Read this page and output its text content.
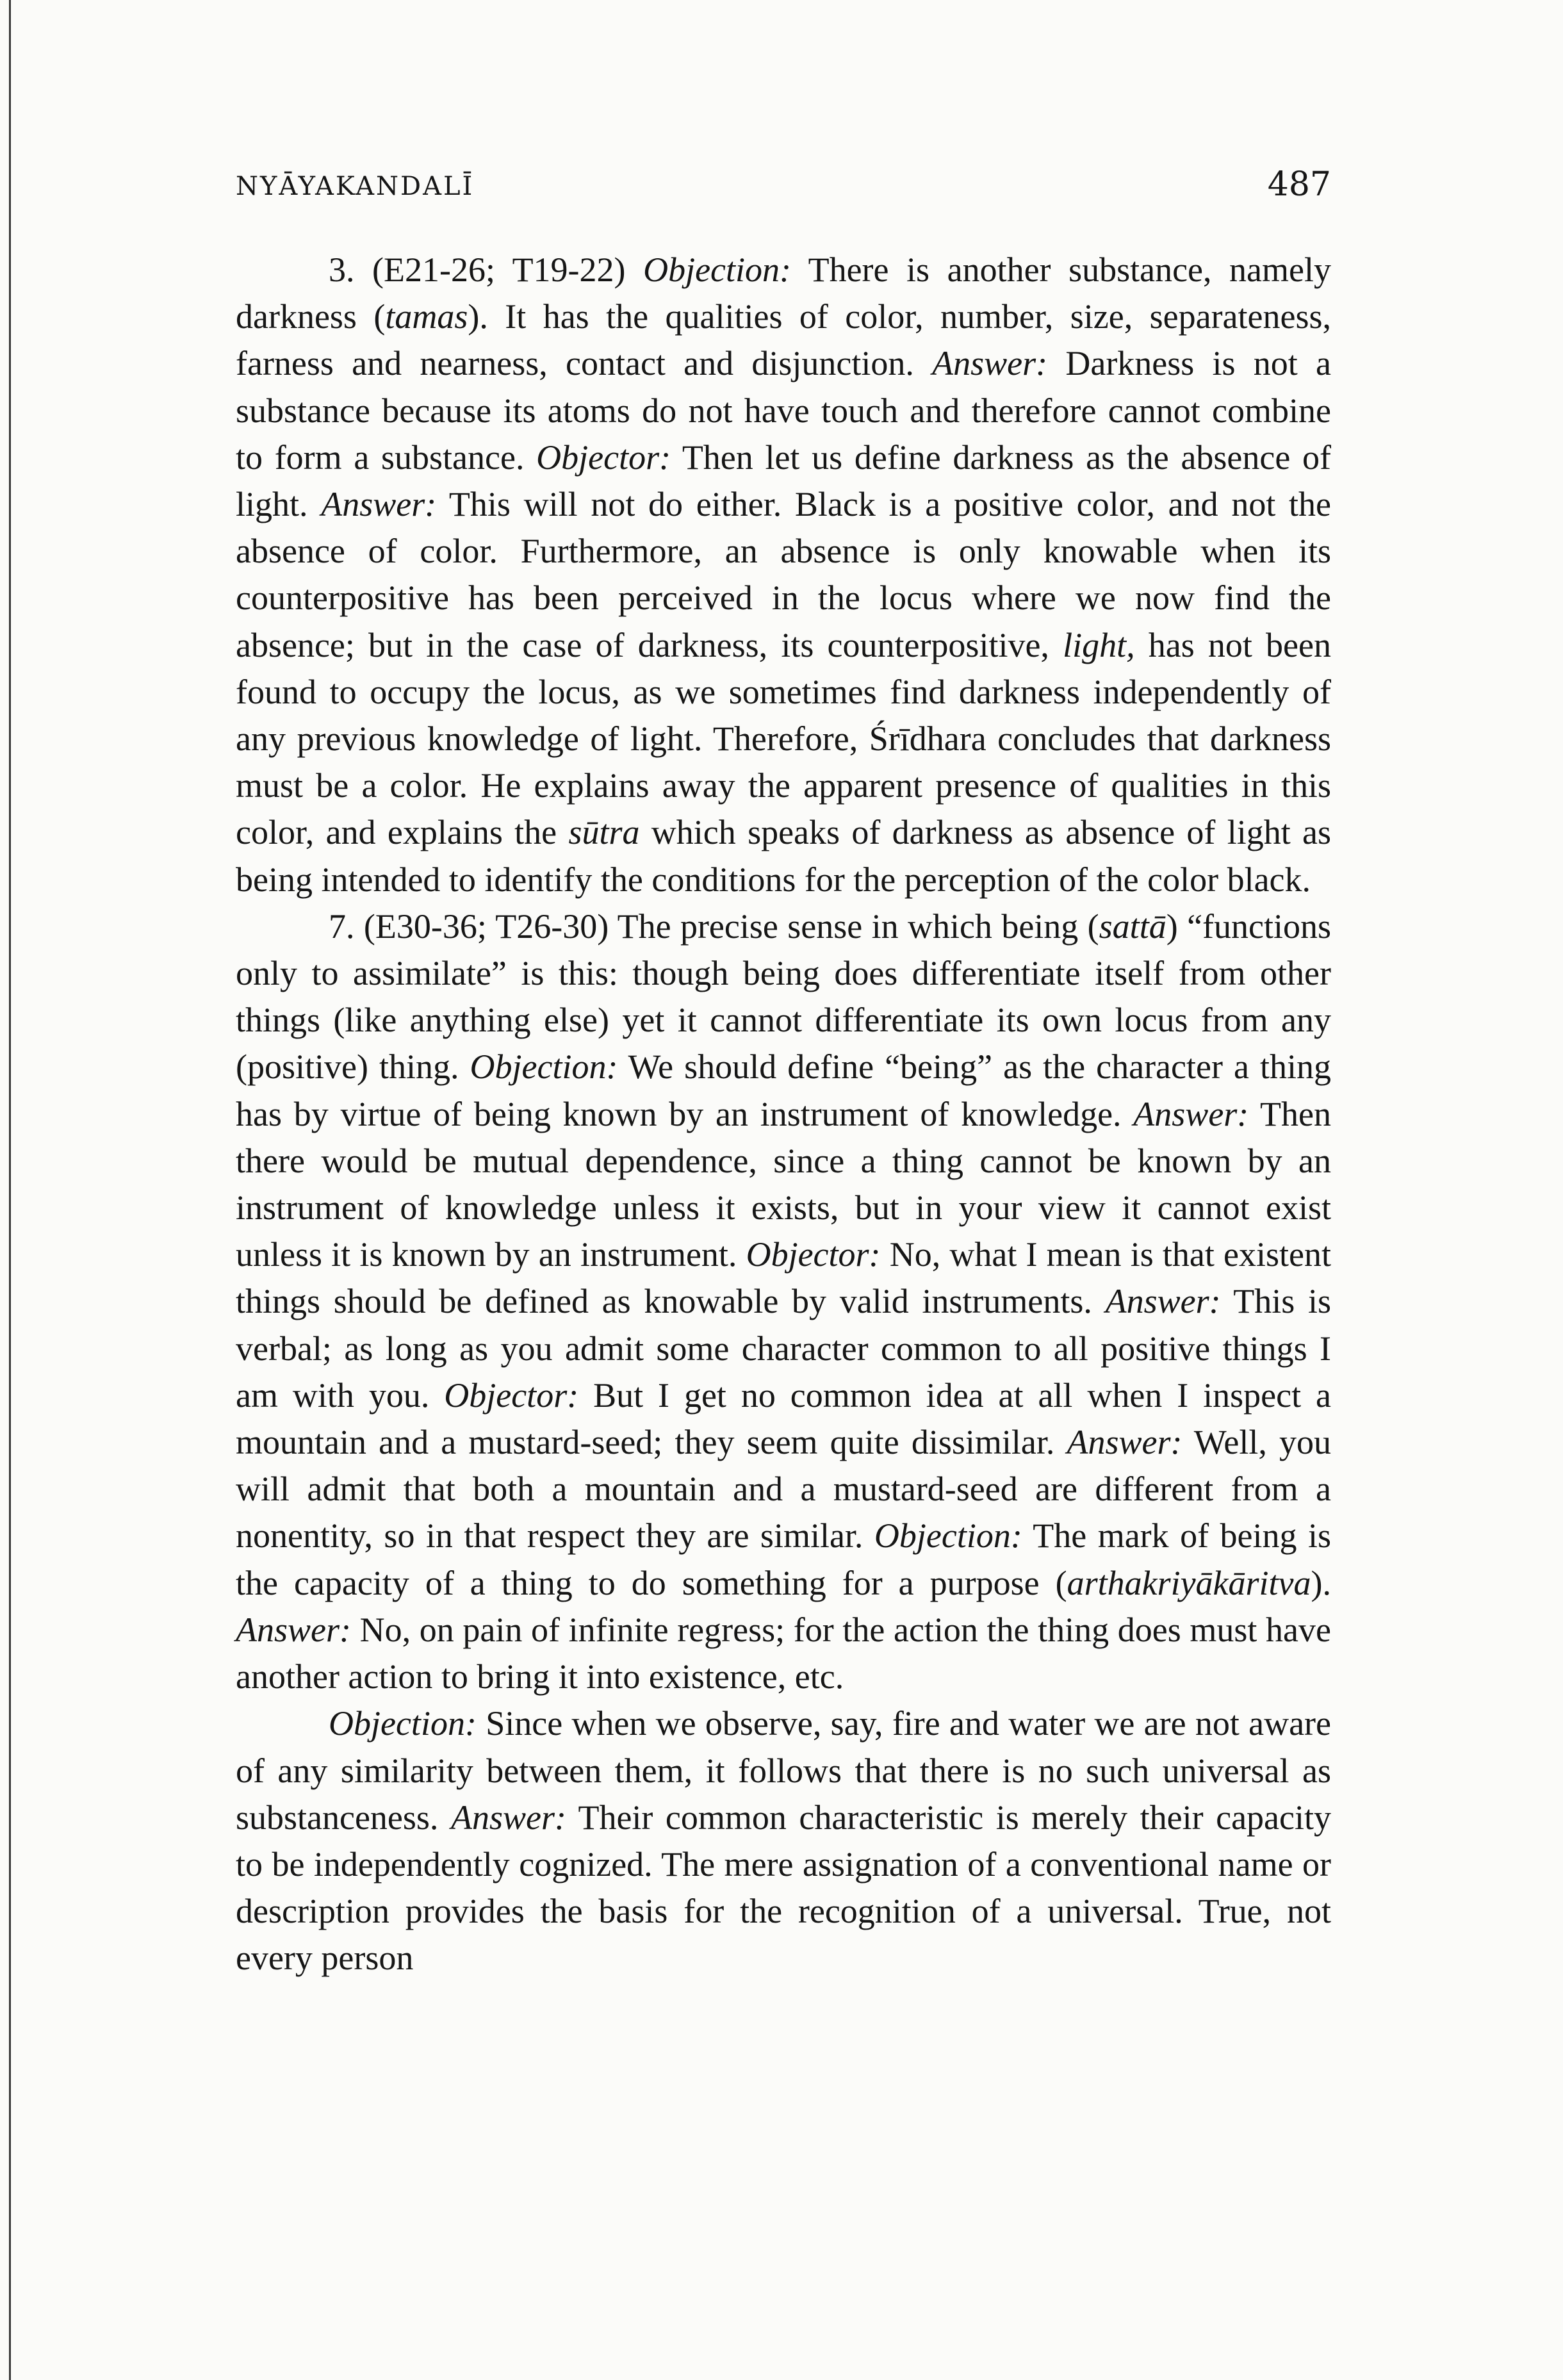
NYĀYAKANDALĪ	487

3. (E21-26; T19-22) Objection: There is another substance, namely darkness (tamas). It has the qualities of color, number, size, separateness, farness and nearness, contact and disjunction. Answer: Darkness is not a substance because its atoms do not have touch and therefore cannot combine to form a substance. Objector: Then let us define darkness as the absence of light. Answer: This will not do either. Black is a positive color, and not the absence of color. Furthermore, an absence is only knowable when its counterpositive has been perceived in the locus where we now find the absence; but in the case of darkness, its counterpositive, light, has not been found to occupy the locus, as we sometimes find darkness independently of any previous knowledge of light. Therefore, Śrīdhara concludes that darkness must be a color. He explains away the apparent presence of qualities in this color, and explains the sūtra which speaks of darkness as absence of light as being intended to identify the conditions for the perception of the color black.

7. (E30-36; T26-30) The precise sense in which being (sattā) “functions only to assimilate” is this: though being does differentiate itself from other things (like anything else) yet it cannot differentiate its own locus from any (positive) thing. Objection: We should define “being” as the character a thing has by virtue of being known by an instrument of knowledge. Answer: Then there would be mutual dependence, since a thing cannot be known by an instrument of knowledge unless it exists, but in your view it cannot exist unless it is known by an instrument. Objector: No, what I mean is that existent things should be defined as knowable by valid instruments. Answer: This is verbal; as long as you admit some character common to all positive things I am with you. Objector: But I get no common idea at all when I inspect a mountain and a mustard-seed; they seem quite dissimilar. Answer: Well, you will admit that both a mountain and a mustard-seed are different from a nonentity, so in that respect they are similar. Objection: The mark of being is the capacity of a thing to do something for a purpose (arthakriyākāritva). Answer: No, on pain of infinite regress; for the action the thing does must have another action to bring it into existence, etc.

Objection: Since when we observe, say, fire and water we are not aware of any similarity between them, it follows that there is no such universal as substanceness. Answer: Their common characteristic is merely their capacity to be independently cognized. The mere assignation of a conventional name or description provides the basis for the recognition of a universal. True, not every person
